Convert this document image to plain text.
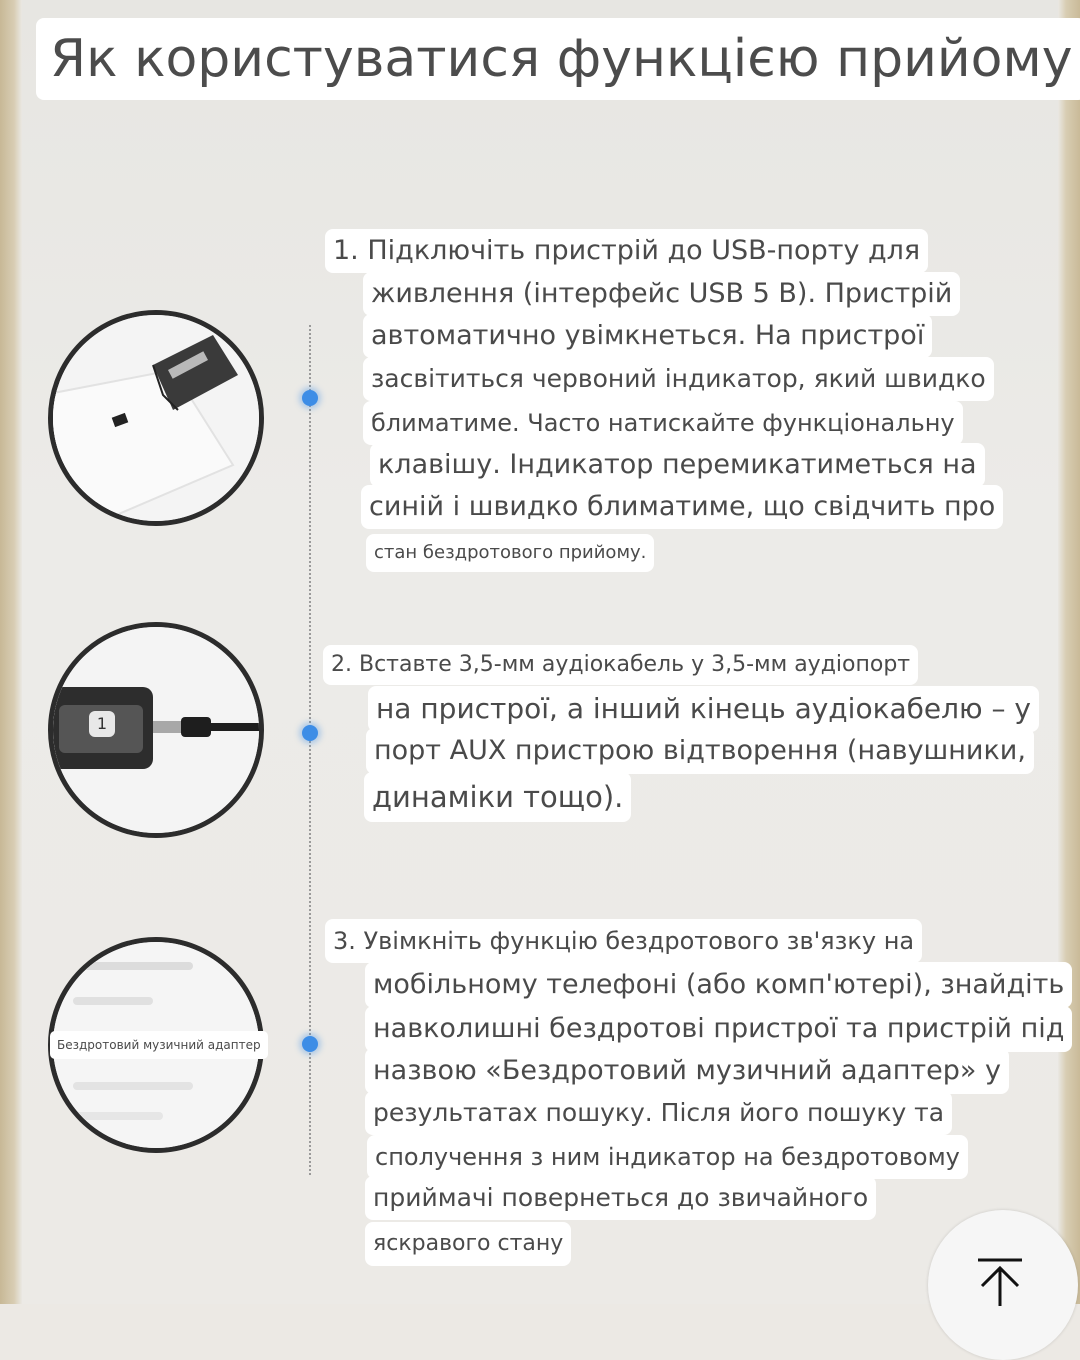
Як користуватися функцією прийому
1
Бездротовий музичний адаптер
1. Підключіть пристрій до USB-порту для
живлення (інтерфейс USB 5 В). Пристрій
автоматично увімкнеться. На пристрої
засвітиться червоний індикатор, який швидко
блиматиме. Часто натискайте функціональну
клавішу. Індикатор перемикатиметься на
синій і швидко блиматиме, що свідчить про
стан бездротового прийому.
2. Вставте 3,5-мм аудіокабель у 3,5-мм аудіопорт
на пристрої, а інший кінець аудіокабелю – у
порт AUX пристрою відтворення (навушники,
динаміки тощо).
3. Увімкніть функцію бездротового зв'язку на
мобільному телефоні (або комп'ютері), знайдіть
навколишні бездротові пристрої та пристрій під
назвою «Бездротовий музичний адаптер» у
результатах пошуку. Після його пошуку та
сполучення з ним індикатор на бездротовому
приймачі повернеться до звичайного
яскравого стану
